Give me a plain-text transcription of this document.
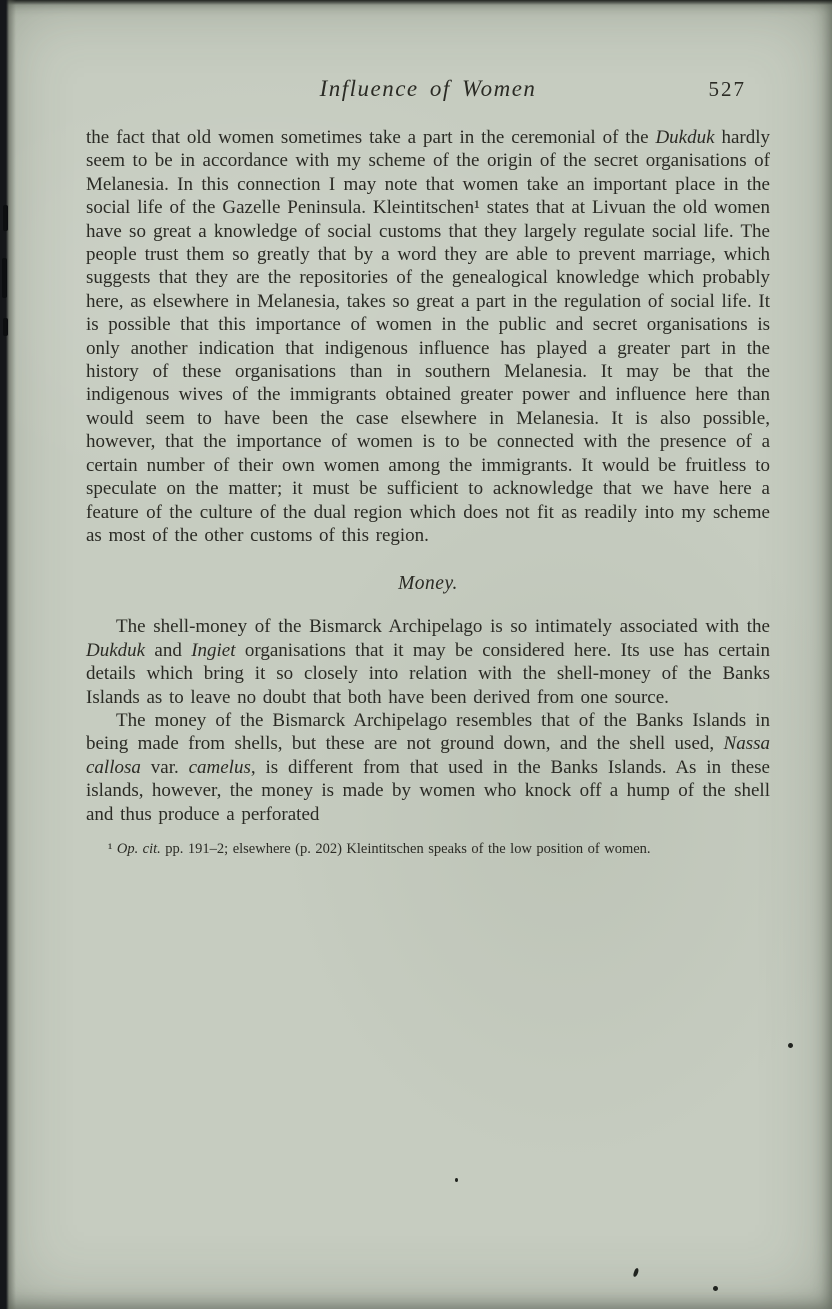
Influence of Women	527

the fact that old women sometimes take a part in the ceremonial of the Dukduk hardly seem to be in accordance with my scheme of the origin of the secret organisations of Melanesia. In this connection I may note that women take an important place in the social life of the Gazelle Peninsula. Kleintitschen¹ states that at Livuan the old women have so great a knowledge of social customs that they largely regulate social life. The people trust them so greatly that by a word they are able to prevent marriage, which suggests that they are the repositories of the genealogical knowledge which probably here, as elsewhere in Melanesia, takes so great a part in the regulation of social life. It is possible that this importance of women in the public and secret organisations is only another indication that indigenous influence has played a greater part in the history of these organisations than in southern Melanesia. It may be that the indigenous wives of the immigrants obtained greater power and influence here than would seem to have been the case elsewhere in Melanesia. It is also possible, however, that the importance of women is to be connected with the presence of a certain number of their own women among the immigrants. It would be fruitless to speculate on the matter; it must be sufficient to acknowledge that we have here a feature of the culture of the dual region which does not fit as readily into my scheme as most of the other customs of this region.

Money.

The shell-money of the Bismarck Archipelago is so intimately associated with the Dukduk and Ingiet organisations that it may be considered here. Its use has certain details which bring it so closely into relation with the shell-money of the Banks Islands as to leave no doubt that both have been derived from one source.

The money of the Bismarck Archipelago resembles that of the Banks Islands in being made from shells, but these are not ground down, and the shell used, Nassa callosa var. camelus, is different from that used in the Banks Islands. As in these islands, however, the money is made by women who knock off a hump of the shell and thus produce a perforated

¹ Op. cit. pp. 191–2; elsewhere (p. 202) Kleintitschen speaks of the low position of women.
